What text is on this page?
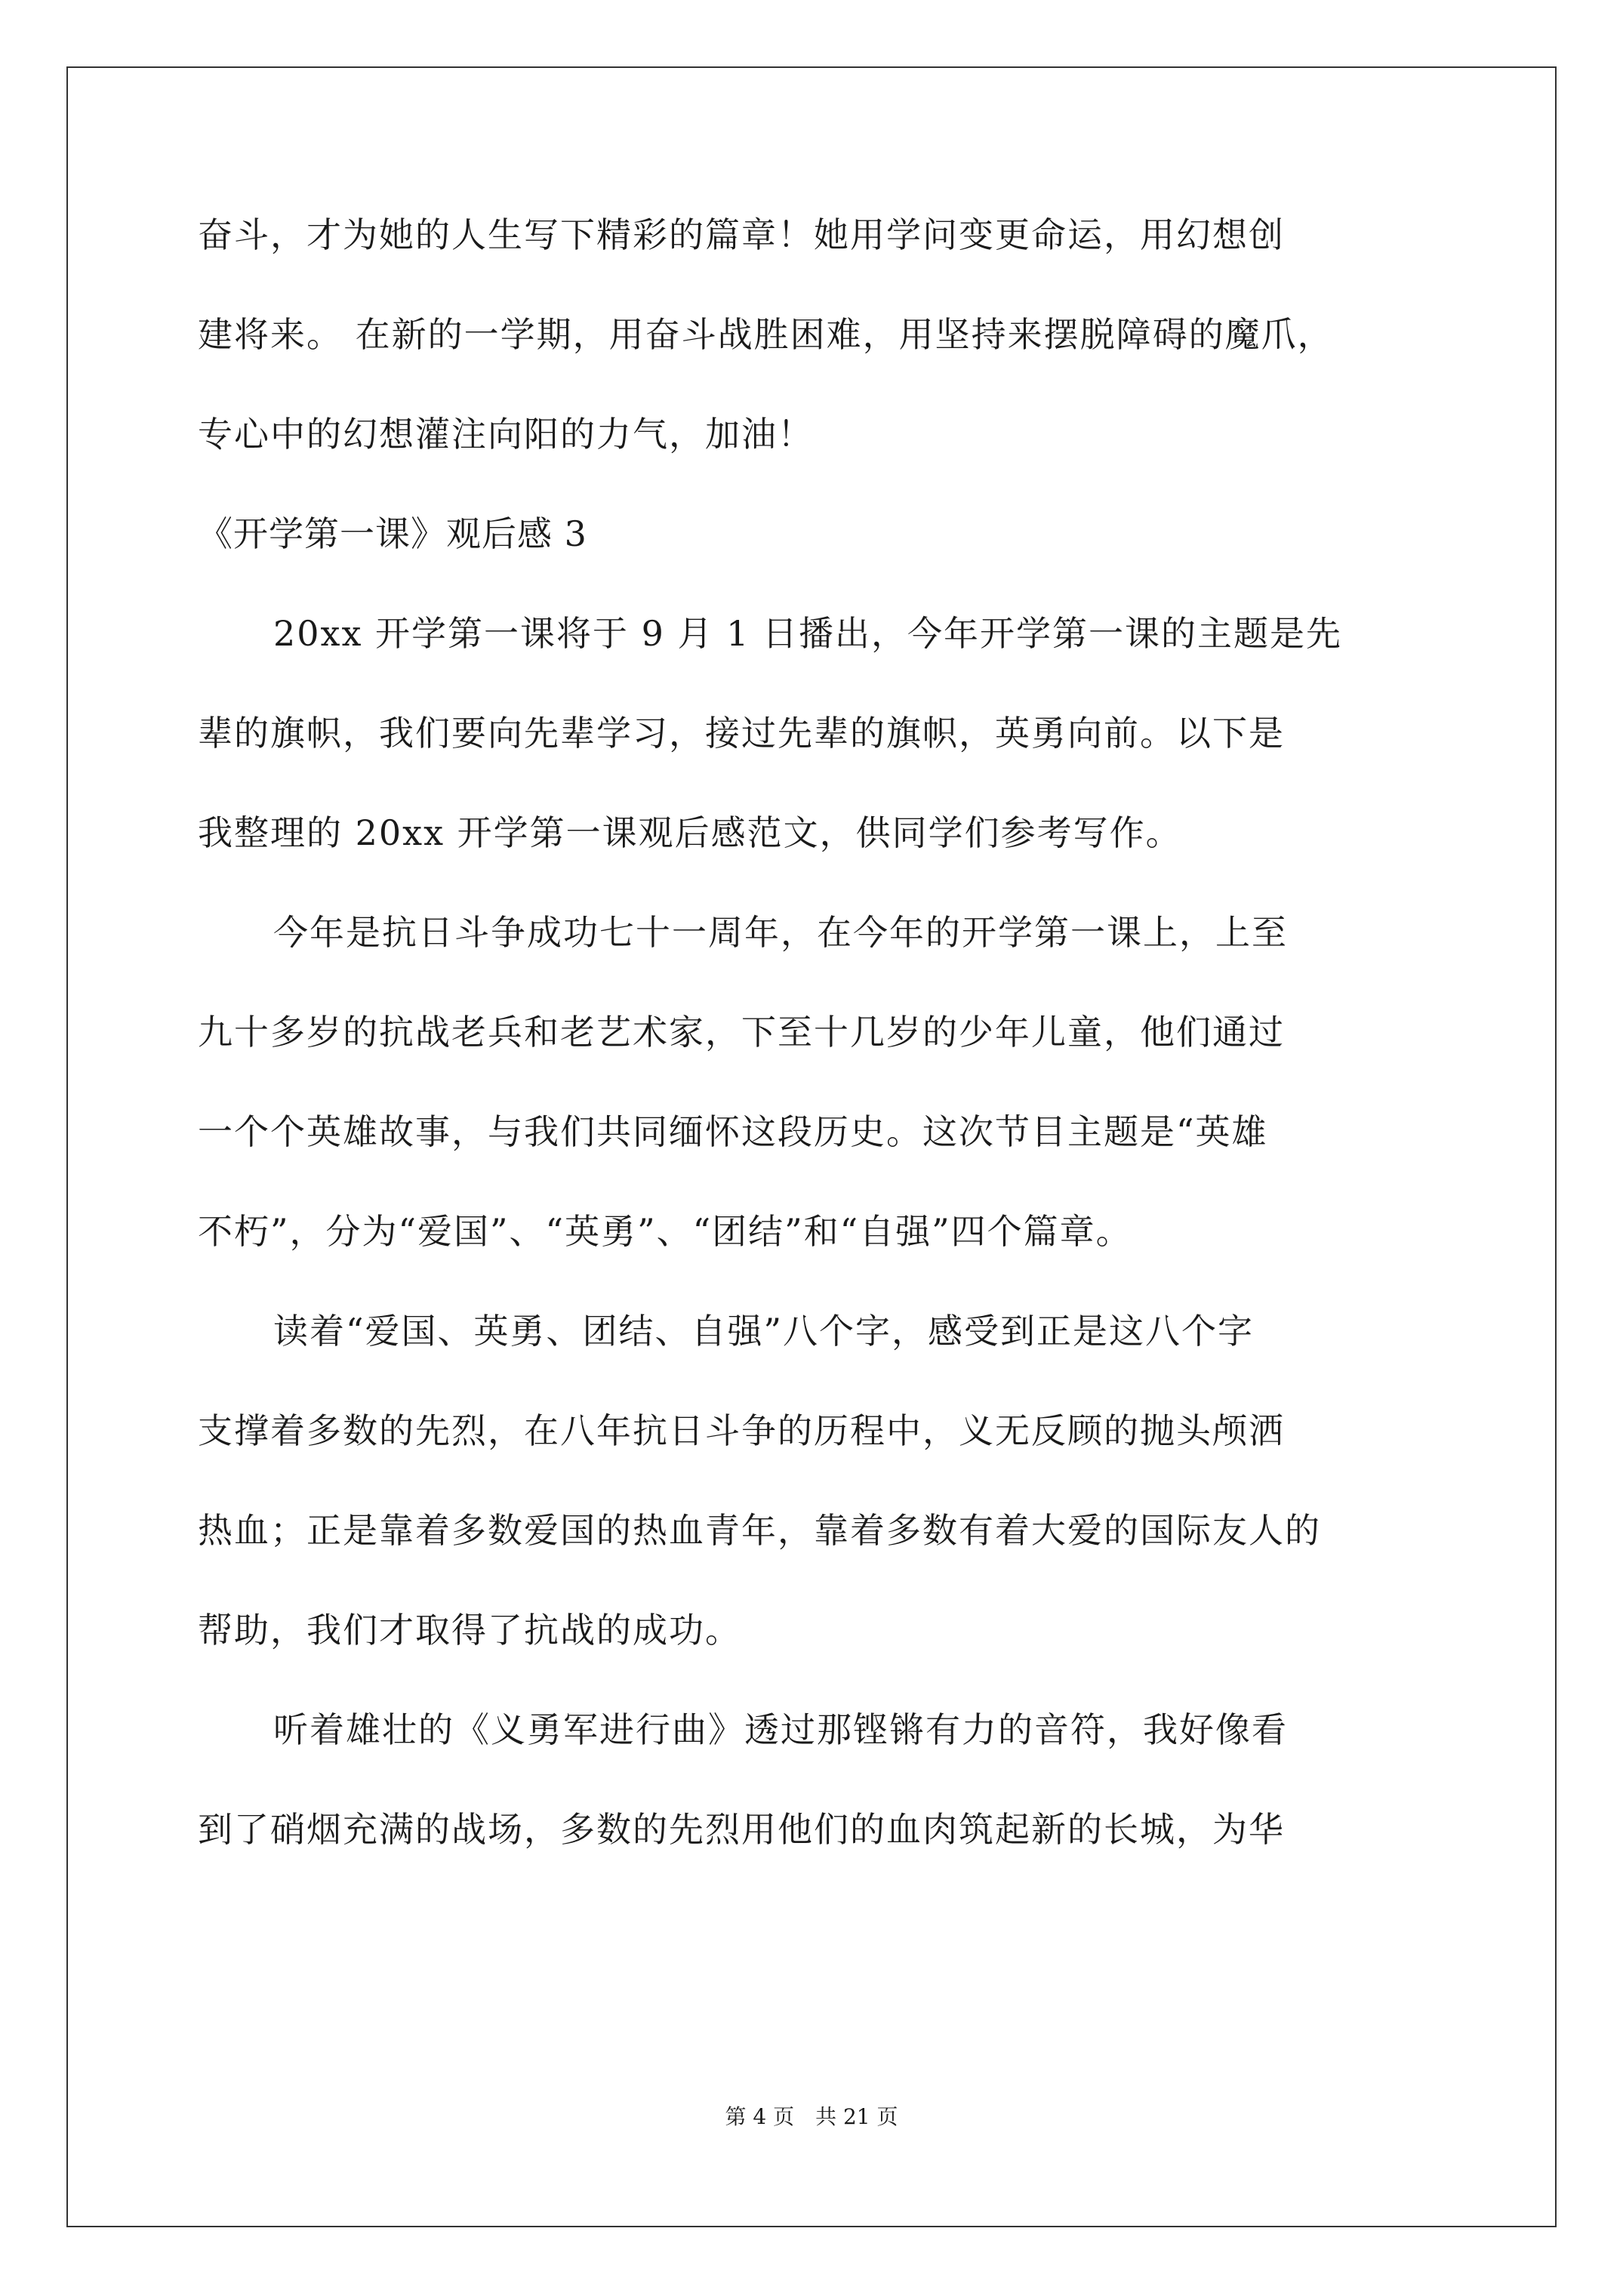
奋斗，才为她的人生写下精彩的篇章！她用学问变更命运，用幻想创
建将来。 在新的一学期，用奋斗战胜困难，用坚持来摆脱障碍的魔爪，
专心中的幻想灌注向阳的力气，加油！
《开学第一课》观后感 3
20xx 开学第一课将于 9 月 1 日播出，今年开学第一课的主题是先
辈的旗帜，我们要向先辈学习，接过先辈的旗帜，英勇向前。以下是
我整理的 20xx 开学第一课观后感范文，供同学们参考写作。
今年是抗日斗争成功七十一周年，在今年的开学第一课上，上至
九十多岁的抗战老兵和老艺术家，下至十几岁的少年儿童，他们通过
一个个英雄故事，与我们共同缅怀这段历史。这次节目主题是“英雄
不朽”，分为“爱国”、“英勇”、“团结”和“自强”四个篇章。
读着“爱国、英勇、团结、自强”八个字，感受到正是这八个字
支撑着多数的先烈，在八年抗日斗争的历程中，义无反顾的抛头颅洒
热血；正是靠着多数爱国的热血青年，靠着多数有着大爱的国际友人的
帮助，我们才取得了抗战的成功。
听着雄壮的《义勇军进行曲》透过那铿锵有力的音符，我好像看
到了硝烟充满的战场，多数的先烈用他们的血肉筑起新的长城，为华
第 4 页 共 21 页
